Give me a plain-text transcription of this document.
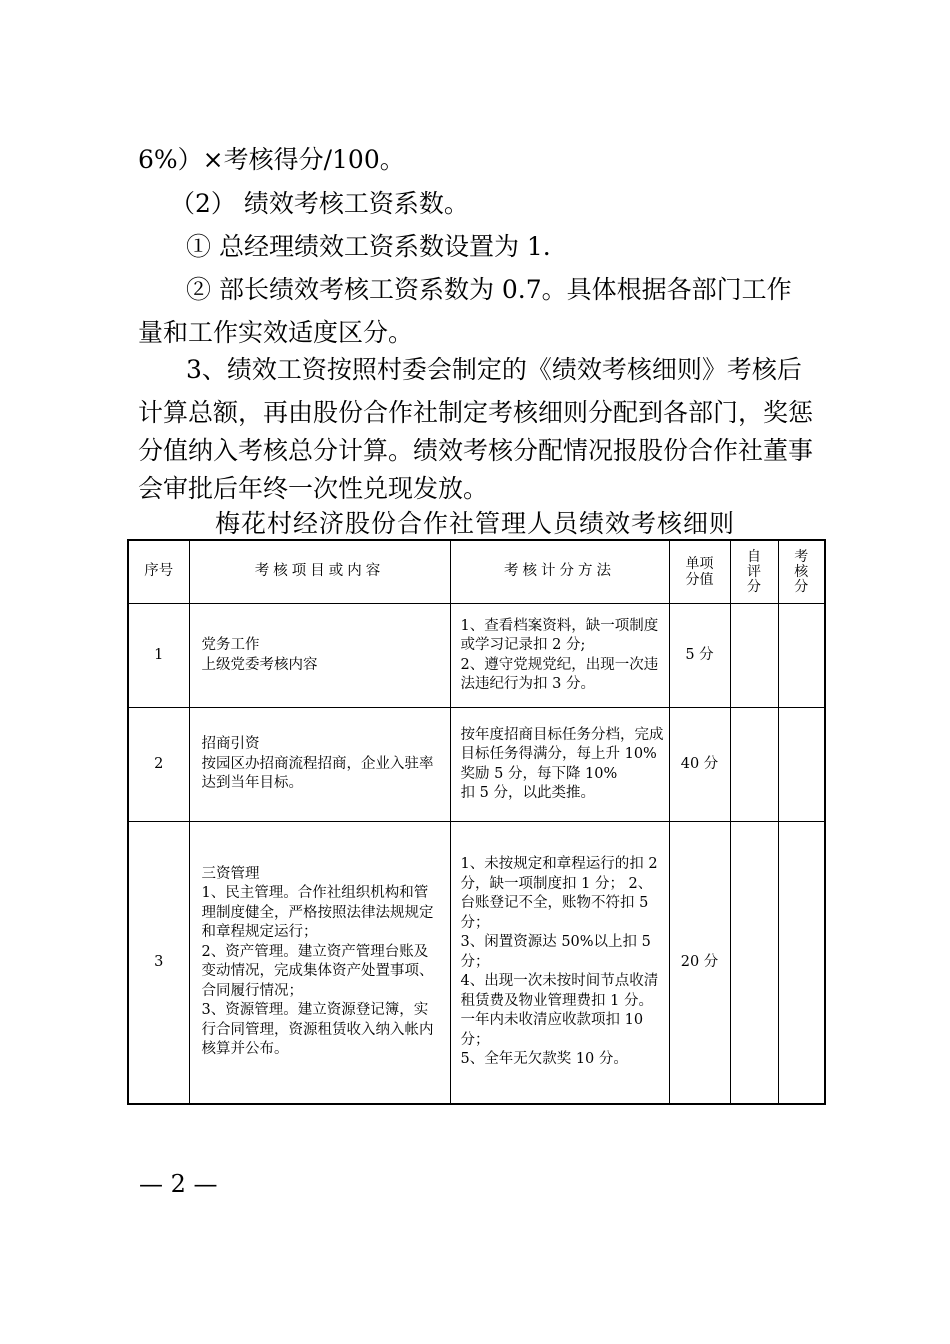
6%）×考核得分/100。
（2） 绩效考核工资系数。
① 总经理绩效工资系数设置为 1.
② 部长绩效考核工资系数为 0.7。具体根据各部门工作
量和工作实效适度区分。
3、绩效工资按照村委会制定的《绩效考核细则》考核后
计算总额，再由股份合作社制定考核细则分配到各部门，奖惩
分值纳入考核总分计算。绩效考核分配情况报股份合作社董事
会审批后年终一次性兑现发放。
梅花村经济股份合作社管理人员绩效考核细则
序号	考核项目或内容	考核计分方法	单项分值	自
评
分	考
核
分

1	党务工作
上级党委考核内容	1、查看档案资料，缺一项制度或学习记录扣 2 分;
2、遵守党规党纪，出现一次违法违纪行为扣 3 分。	5 分		
2	招商引资
按园区办招商流程招商，企业入驻率达到当年目标。	按年度招商目标任务分档，完成目标任务得满分，每上升 10%奖励 5 分，每下降 10%
扣 5 分，以此类推。	40 分		
3	三资管理
1、民主管理。合作社组织机构和管理制度健全，严格按照法律法规规定和章程规定运行；
2、资产管理。建立资产管理台账及变动情况，完成集体资产处置事项、合同履行情况；
3、资源管理。建立资源登记簿，实行合同管理，资源租赁收入纳入帐内核算并公布。	1、未按规定和章程运行的扣 2 分，缺一项制度扣 1 分； 2、台账登记不全，账物不符扣 5 分；
3、闲置资源达 50%以上扣 5 分；
4、出现一次未按时间节点收清租赁费及物业管理费扣 1 分。一年内未收清应收款项扣 10 分；
5、全年无欠款奖 10 分。	20 分		
— 2 —
